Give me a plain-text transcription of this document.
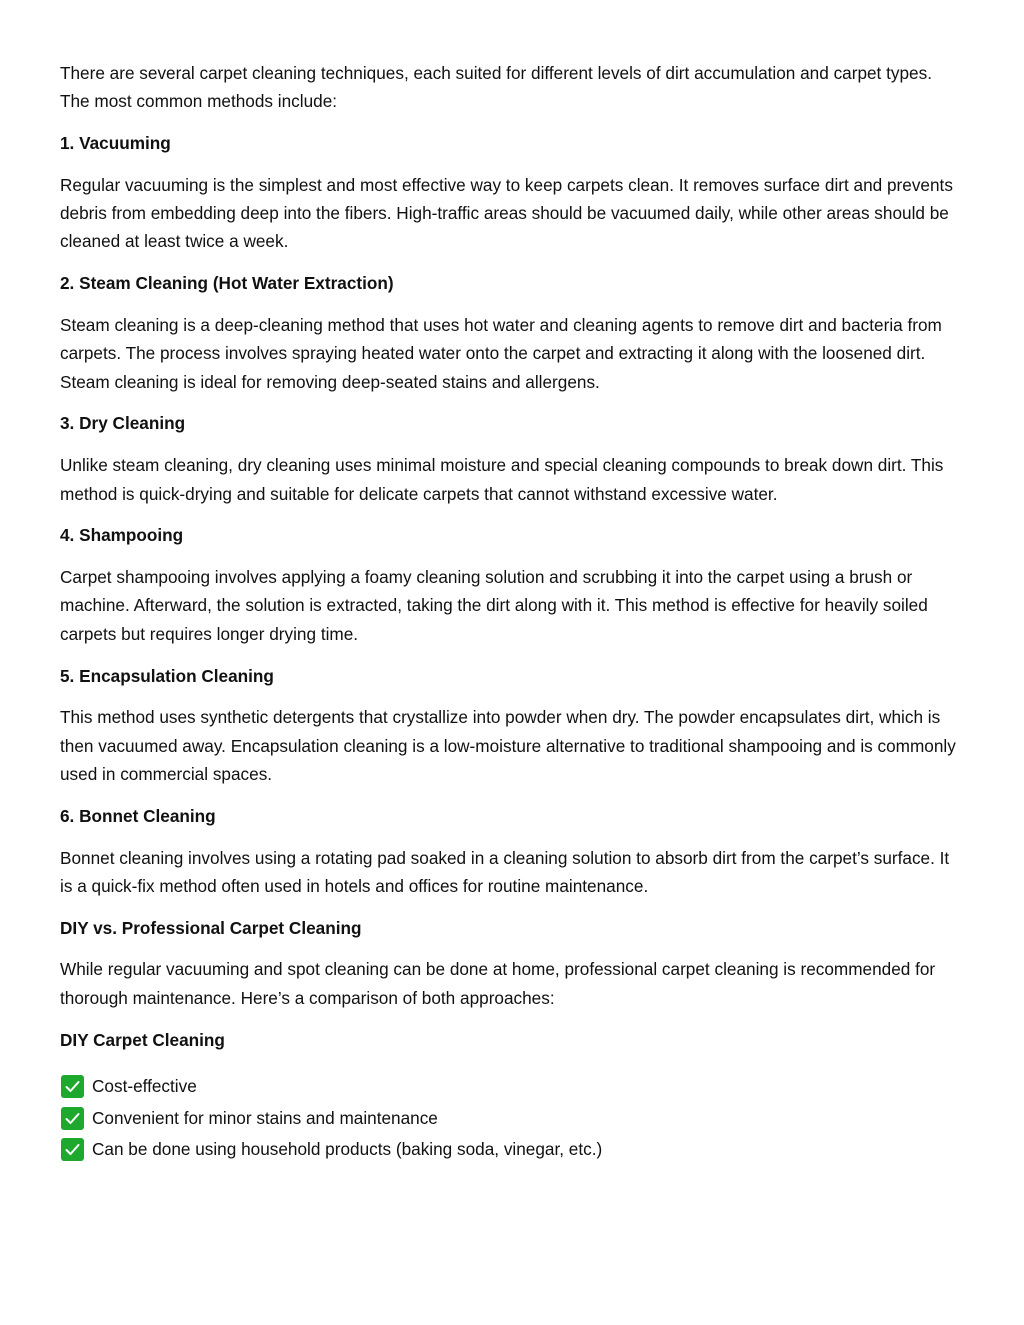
There are several carpet cleaning techniques, each suited for different levels of dirt accumulation and carpet types. The most common methods include:

1. Vacuuming

Regular vacuuming is the simplest and most effective way to keep carpets clean. It removes surface dirt and prevents debris from embedding deep into the fibers. High-traffic areas should be vacuumed daily, while other areas should be cleaned at least twice a week.

2. Steam Cleaning (Hot Water Extraction)

Steam cleaning is a deep-cleaning method that uses hot water and cleaning agents to remove dirt and bacteria from carpets. The process involves spraying heated water onto the carpet and extracting it along with the loosened dirt. Steam cleaning is ideal for removing deep-seated stains and allergens.

3. Dry Cleaning

Unlike steam cleaning, dry cleaning uses minimal moisture and special cleaning compounds to break down dirt. This method is quick-drying and suitable for delicate carpets that cannot withstand excessive water.

4. Shampooing

Carpet shampooing involves applying a foamy cleaning solution and scrubbing it into the carpet using a brush or machine. Afterward, the solution is extracted, taking the dirt along with it. This method is effective for heavily soiled carpets but requires longer drying time.

5. Encapsulation Cleaning

This method uses synthetic detergents that crystallize into powder when dry. The powder encapsulates dirt, which is then vacuumed away. Encapsulation cleaning is a low-moisture alternative to traditional shampooing and is commonly used in commercial spaces.

6. Bonnet Cleaning

Bonnet cleaning involves using a rotating pad soaked in a cleaning solution to absorb dirt from the carpet’s surface. It is a quick-fix method often used in hotels and offices for routine maintenance.

DIY vs. Professional Carpet Cleaning

While regular vacuuming and spot cleaning can be done at home, professional carpet cleaning is recommended for thorough maintenance. Here’s a comparison of both approaches:

DIY Carpet Cleaning

Cost-effective
Convenient for minor stains and maintenance
Can be done using household products (baking soda, vinegar, etc.)
